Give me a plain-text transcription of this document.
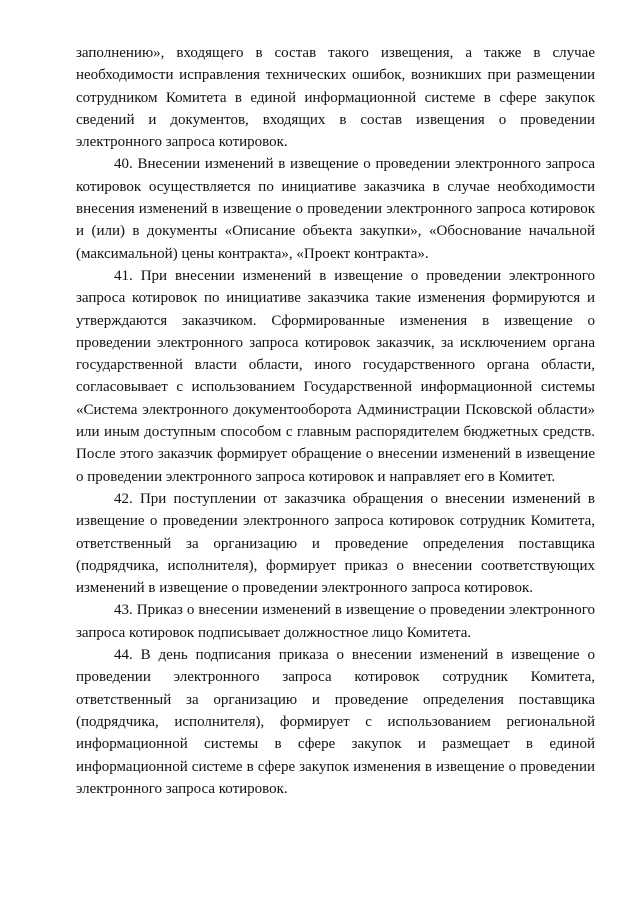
заполнению», входящего в состав такого извещения, а также в случае необходимости исправления технических ошибок, возникших при размещении сотрудником Комитета в единой информационной системе в сфере закупок сведений и документов, входящих в состав извещения о проведении электронного запроса котировок.

40. Внесении изменений в извещение о проведении электронного запроса котировок осуществляется по инициативе заказчика в случае необходимости внесения изменений в извещение о проведении электронного запроса котировок и (или) в документы «Описание объекта закупки», «Обоснование начальной (максимальной) цены контракта», «Проект контракта».

41. При внесении изменений в извещение о проведении электронного запроса котировок по инициативе заказчика такие изменения формируются и утверждаются заказчиком. Сформированные изменения в извещение о проведении электронного запроса котировок заказчик, за исключением органа государственной власти области, иного государственного органа области, согласовывает с использованием Государственной информационной системы «Система электронного документооборота Администрации Псковской области» или иным доступным способом с главным распорядителем бюджетных средств. После этого заказчик формирует обращение о внесении изменений в извещение о проведении электронного запроса котировок и направляет его в Комитет.

42. При поступлении от заказчика обращения о внесении изменений в извещение о проведении электронного запроса котировок сотрудник Комитета, ответственный за организацию и проведение определения поставщика (подрядчика, исполнителя), формирует приказ о внесении соответствующих изменений в извещение о проведении электронного запроса котировок.

43. Приказ о внесении изменений в извещение о проведении электронного запроса котировок подписывает должностное лицо Комитета.

44. В день подписания приказа о внесении изменений в извещение о проведении электронного запроса котировок сотрудник Комитета, ответственный за организацию и проведение определения поставщика (подрядчика, исполнителя), формирует с использованием региональной информационной системы в сфере закупок и размещает в единой информационной системе в сфере закупок изменения в извещение о проведении электронного запроса котировок.
